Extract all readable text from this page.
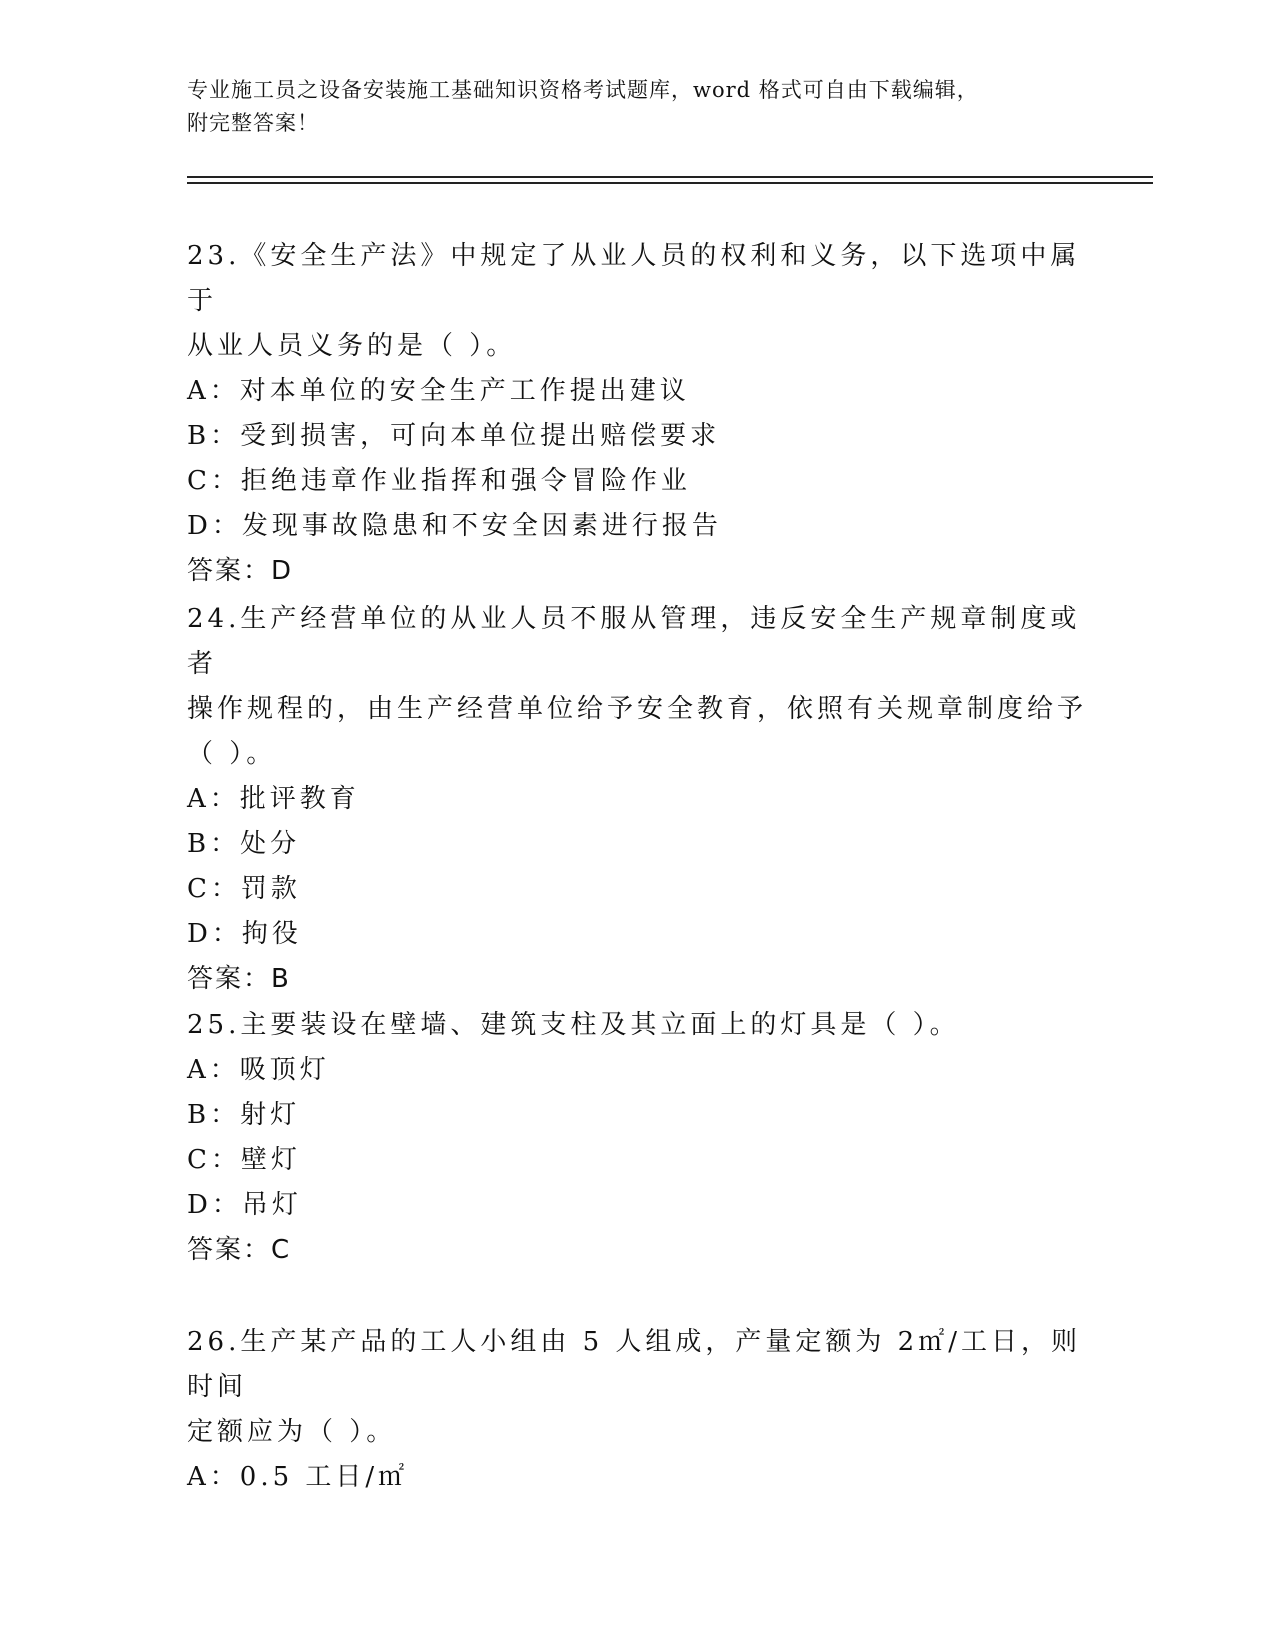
专业施工员之设备安装施工基础知识资格考试题库，word 格式可自由下载编辑，
附完整答案！
23.《安全生产法》中规定了从业人员的权利和义务，以下选项中属于
从业人员义务的是（ ）。
A：对本单位的安全生产工作提出建议
B：受到损害，可向本单位提出赔偿要求
C：拒绝违章作业指挥和强令冒险作业
D：发现事故隐患和不安全因素进行报告
答案：D
24.生产经营单位的从业人员不服从管理，违反安全生产规章制度或者
操作规程的，由生产经营单位给予安全教育，依照有关规章制度给予
（ ）。
A：批评教育
B：处分
C：罚款
D：拘役
答案：B
25.主要装设在壁墙、建筑支柱及其立面上的灯具是（ ）。
A：吸顶灯
B：射灯
C：壁灯
D：吊灯
答案：C
26.生产某产品的工人小组由 5 人组成，产量定额为 2㎡/工日，则时间
定额应为（ ）。
A：0.5 工日/㎡
